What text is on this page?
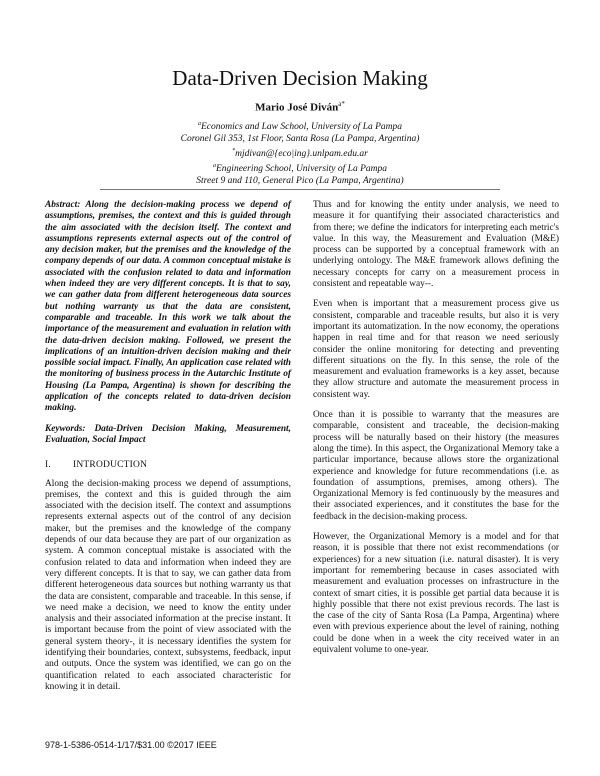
Data-Driven Decision Making
Mario José Diván$^{a*}$
$^a$Economics and Law School, University of La Pampa
Coronel Gil 353, 1st Floor, Santa Rosa (La Pampa, Argentina)
*mjdivan@{eco|ing}.unlpam.edu.ar
$^a$Engineering School, University of La Pampa
Street 9 and 110, General Pico (La Pampa, Argentina)

Abstract: Along the decision-making process we depend of assumptions, premises, the context and this is guided through the aim associated with the decision itself. The context and assumptions represents external aspects out of the control of any decision maker, but the premises and the knowledge of the company depends of our data. A common conceptual mistake is associated with the confusion related to data and information when indeed they are very different concepts. It is that to say, we can gather data from different heterogeneous data sources but nothing warranty us that the data are consistent, comparable and traceable. In this work we talk about the importance of the measurement and evaluation in relation with the data-driven decision making. Followed, we present the implications of an intuition-driven decision making and their possible social impact. Finally, An application case related with the monitoring of business process in the Autarchic Institute of Housing (La Pampa, Argentina) is shown for describing the application of the concepts related to data-driven decision making.

Keywords: Data-Driven Decision Making, Measurement, Evaluation, Social Impact

I. INTRODUCTION

Along the decision-making process we depend of assumptions, premises, the context and this is guided through the aim associated with the decision itself. The context and assumptions represents external aspects out of the control of any decision maker, but the premises and the knowledge of the company depends of our data because they are part of our organization as system. A common conceptual mistake is associated with the confusion related to data and information when indeed they are very different concepts. It is that to say, we can gather data from different heterogeneous data sources but nothing warranty us that the data are consistent, comparable and traceable. In this sense, if we need make a decision, we need to know the entity under analysis and their associated information at the precise instant. It is important because from the point of view associated with the general system theory-, it is necessary identifies the system for identifying their boundaries, context, subsystems, feedback, input and outputs. Once the system was identified, we can go on the quantification related to each associated characteristic for knowing it in detail.

Thus and for knowing the entity under analysis, we need to measure it for quantifying their associated characteristics and from there; we define the indicators for interpreting each metric's value. In this way, the Measurement and Evaluation (M&E) process can be supported by a conceptual framework with an underlying ontology. The M&E framework allows defining the necessary concepts for carry on a measurement process in consistent and repeatable way--.

Even when is important that a measurement process give us consistent, comparable and traceable results, but also it is very important its automatization. In the now economy, the operations happen in real time and for that reason we need seriously consider the online monitoring for detecting and preventing different situations on the fly. In this sense, the role of the measurement and evaluation frameworks is a key asset, because they allow structure and automate the measurement process in consistent way.

Once than it is possible to warranty that the measures are comparable, consistent and traceable, the decision-making process will be naturally based on their history (the measures along the time). In this aspect, the Organizational Memory take a particular importance, because allows store the organizational experience and knowledge for future recommendations (i.e. as foundation of assumptions, premises, among others). The Organizational Memory is fed continuously by the measures and their associated experiences, and it constitutes the base for the feedback in the decision-making process.

However, the Organizational Memory is a model and for that reason, it is possible that there not exist recommendations (or experiences) for a new situation (i.e. natural disaster). It is very important for remembering because in cases associated with measurement and evaluation processes on infrastructure in the context of smart cities, it is possible get partial data because it is highly possible that there not exist previous records. The last is the case of the city of Santa Rosa (La Pampa, Argentina) where even with previous experience about the level of raining, nothing could be done when in a week the city received water in an equivalent volume to one-year.

978-1-5386-0514-1/17/$31.00 ©2017 IEEE
